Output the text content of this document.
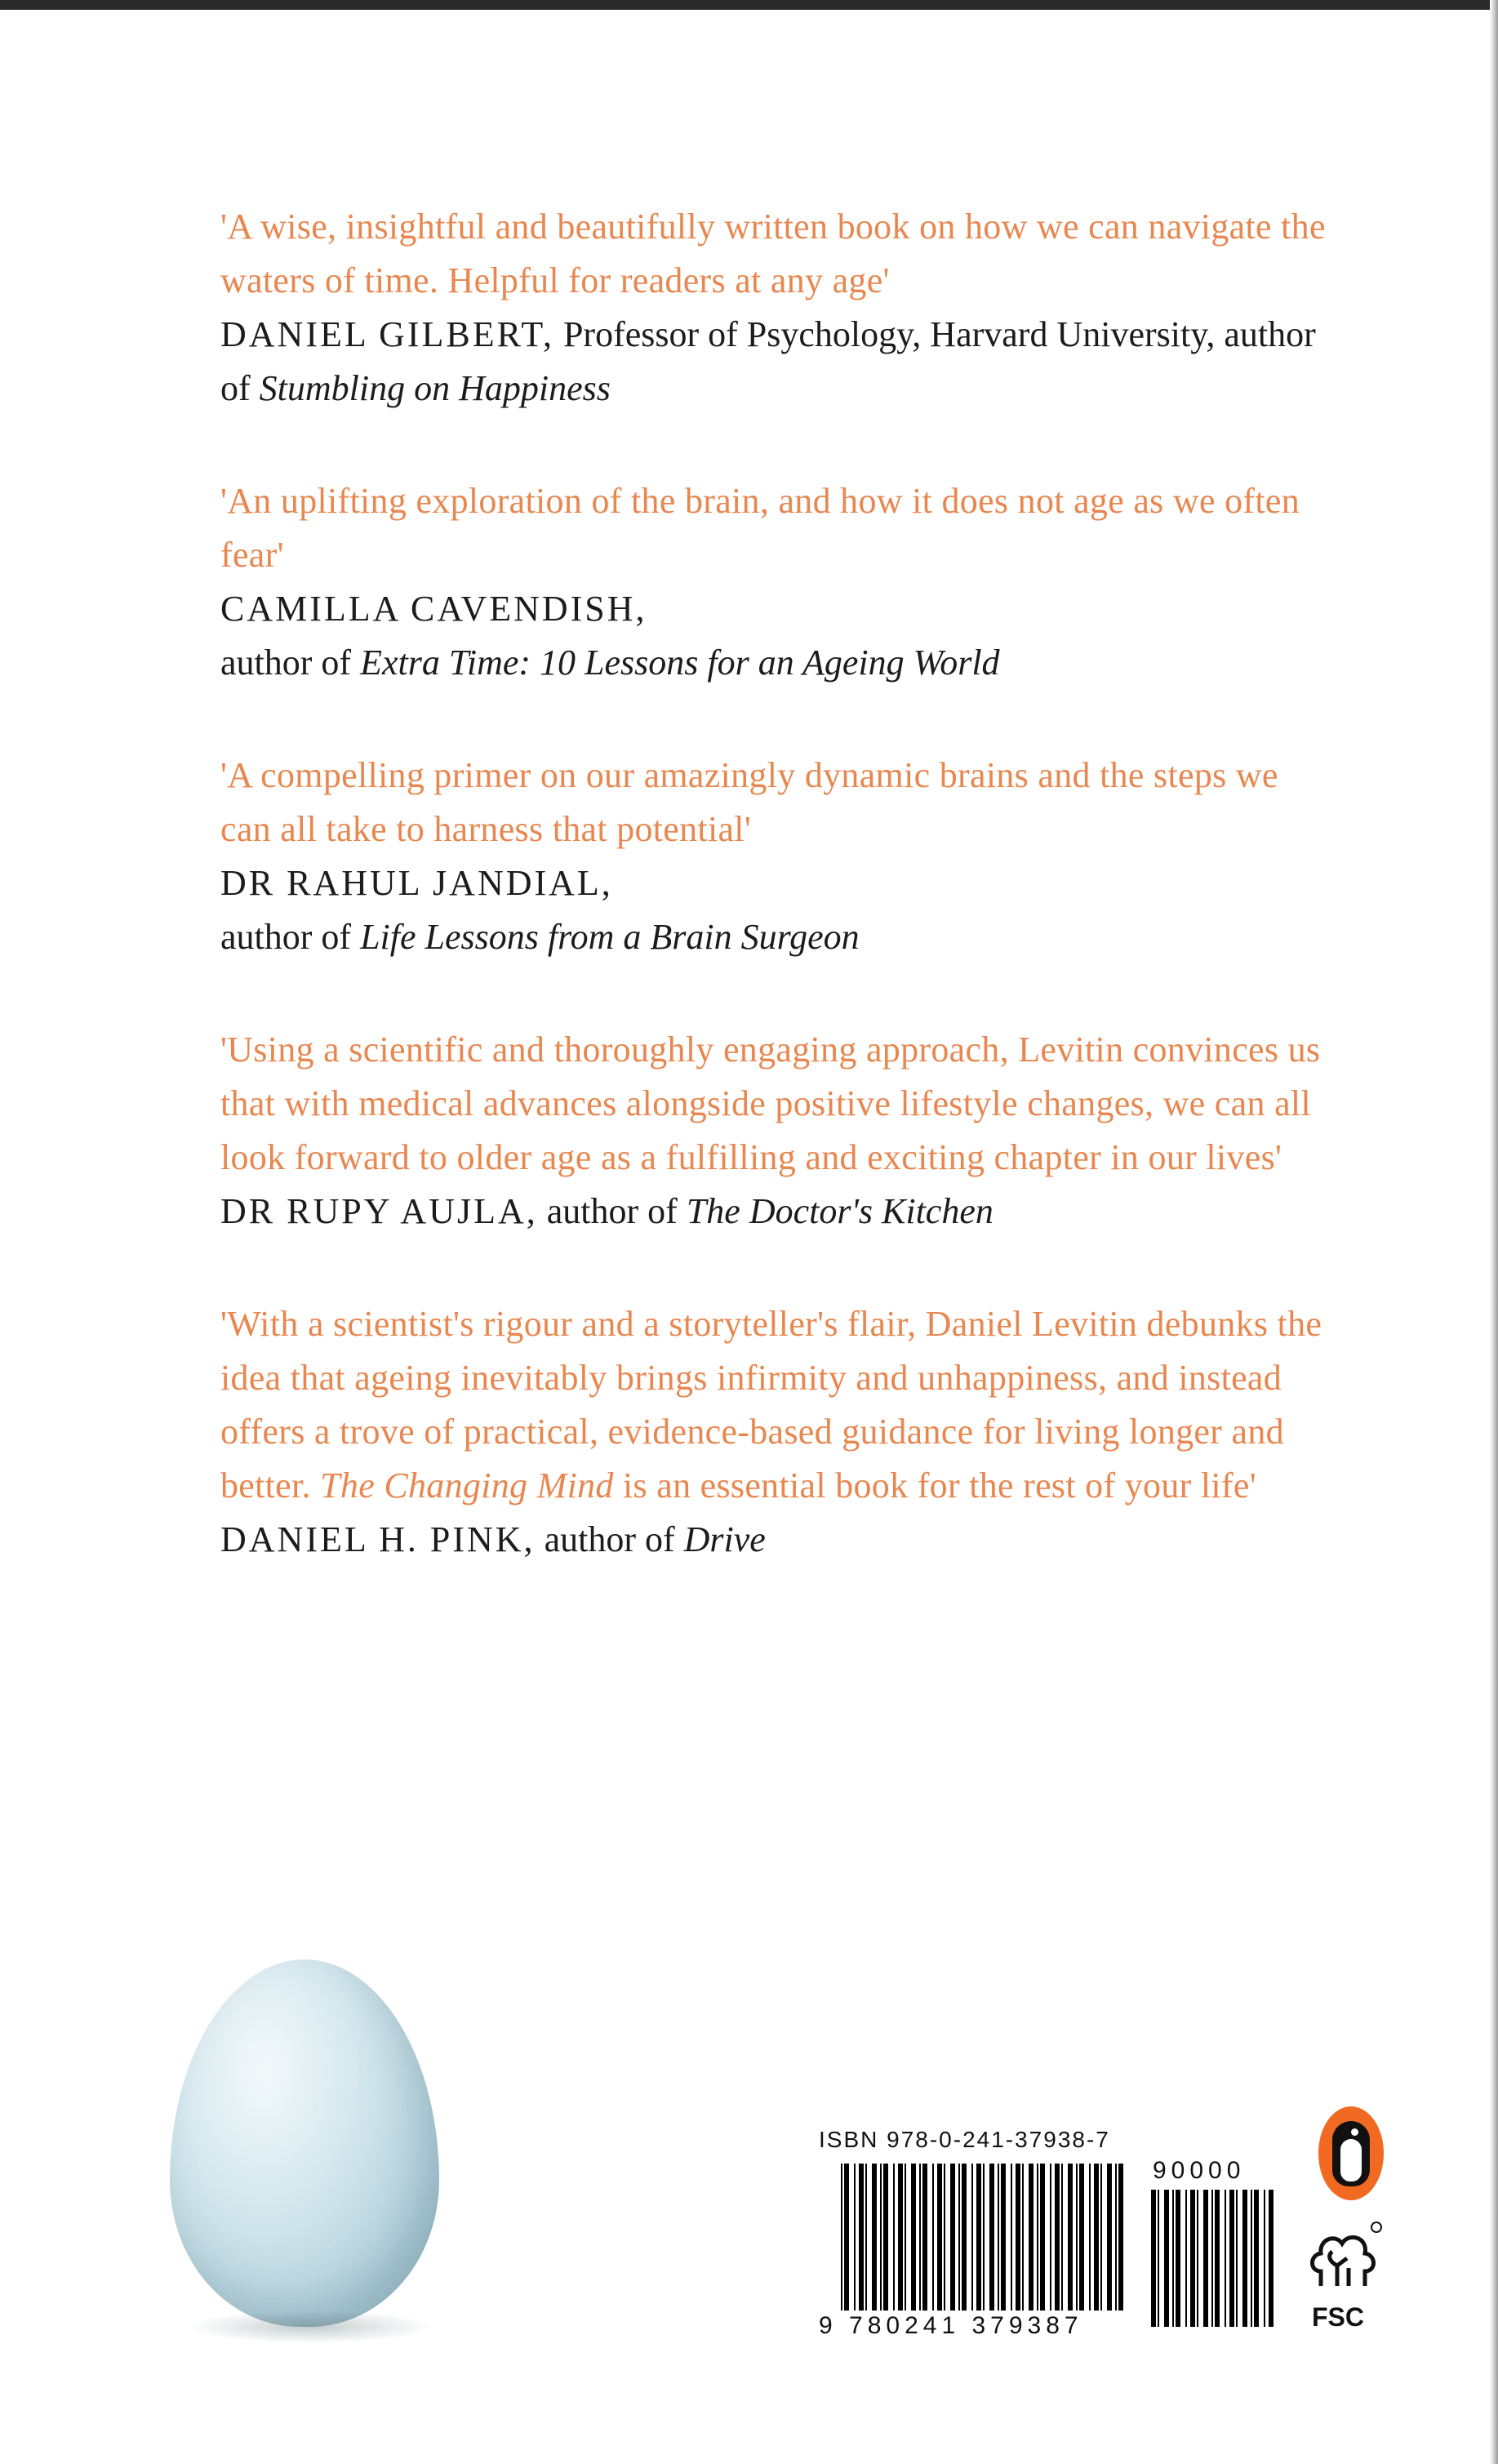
'A wise, insightful and beautifully written book on how we can navigate the waters of time. Helpful for readers at any age'
DANIEL GILBERT, Professor of Psychology, Harvard University, author of Stumbling on Happiness
'An uplifting exploration of the brain, and how it does not age as we often fear'
CAMILLA CAVENDISH,
author of Extra Time: 10 Lessons for an Ageing World
'A compelling primer on our amazingly dynamic brains and the steps we can all take to harness that potential'
DR RAHUL JANDIAL,
author of Life Lessons from a Brain Surgeon
'Using a scientific and thoroughly engaging approach, Levitin convinces us that with medical advances alongside positive lifestyle changes, we can all look forward to older age as a fulfilling and exciting chapter in our lives'
DR RUPY AUJLA, author of The Doctor's Kitchen
'With a scientist's rigour and a storyteller's flair, Daniel Levitin debunks the idea that ageing inevitably brings infirmity and unhappiness, and instead offers a trove of practical, evidence-based guidance for living longer and better. The Changing Mind is an essential book for the rest of your life'
DANIEL H. PINK, author of Drive
ISBN 978-0-241-37938-7
90000
9 780241 379387	FSC
